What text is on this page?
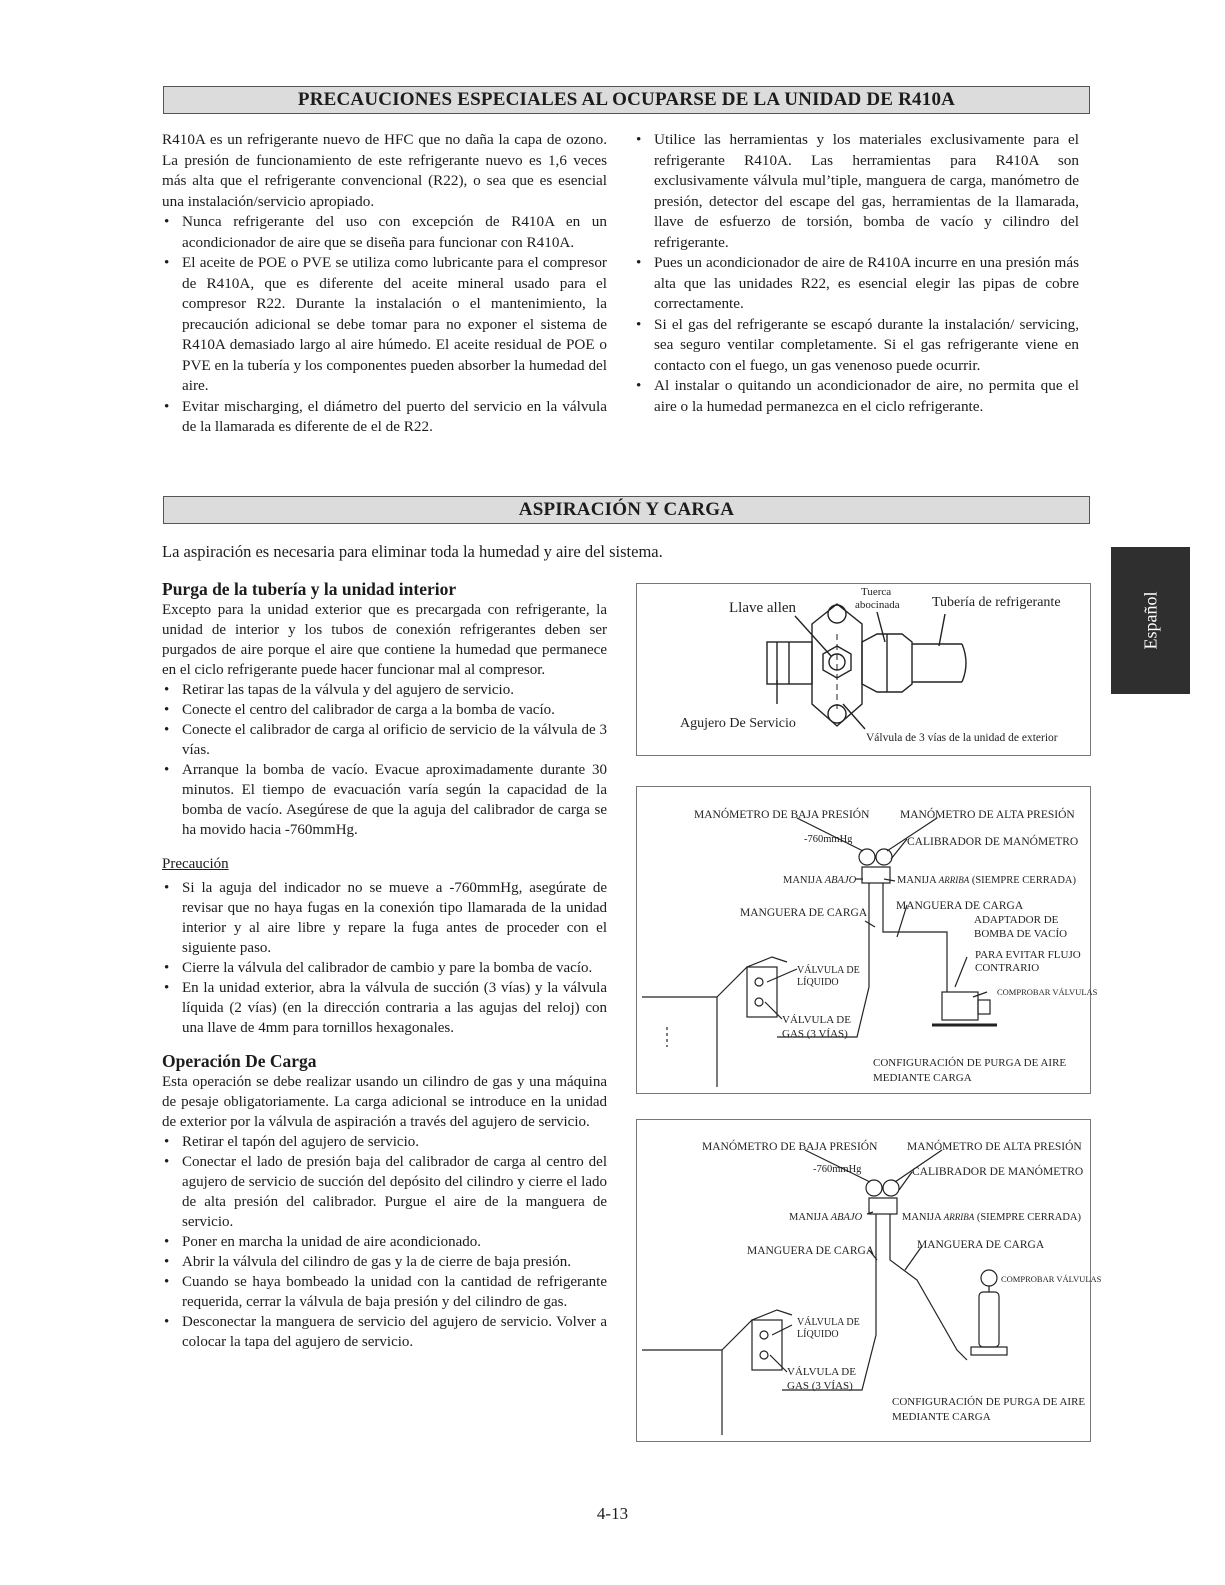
PRECAUCIONES ESPECIALES AL OCUPARSE DE LA UNIDAD DE R410A

R410A es un refrigerante nuevo de HFC que no daña la capa de ozono. La presión de funcionamiento de este refrigerante nuevo es 1,6 veces más alta que el refrigerante convencional (R22), o sea que es esencial una instalación/servicio apropiado.

• Nunca refrigerante del uso con excepción de R410A en un acondicionador de aire que se diseña para funcionar con R410A.
• El aceite de POE o PVE se utiliza como lubricante para el compresor de R410A, que es diferente del aceite mineral usado para el compresor R22. Durante la instalación o el mantenimiento, la precaución adicional se debe tomar para no exponer el sistema de R410A demasiado largo al aire húmedo. El aceite residual de POE o PVE en la tubería y los componentes pueden absorber la humedad del aire.
• Evitar mischarging, el diámetro del puerto del servicio en la válvula de la llamarada es diferente de el de R22.
• Utilice las herramientas y los materiales exclusivamente para el refrigerante R410A. Las herramientas para R410A son exclusivamente válvula mul’tiple, manguera de carga, manómetro de presión, detector del escape del gas, herramientas de la llamarada, llave de esfuerzo de torsión, bomba de vacío y cilindro del refrigerante.
• Pues un acondicionador de aire de R410A incurre en una presión más alta que las unidades R22, es esencial elegir las pipas de cobre correctamente.
• Si el gas del refrigerante se escapó durante la instalación/ servicing, sea seguro ventilar completamente. Si el gas refrigerante viene en contacto con el fuego, un gas venenoso puede ocurrir.
• Al instalar o quitando un acondicionador de aire, no permita que el aire o la humedad permanezca en el ciclo refrigerante.
ASPIRACIÓN Y CARGA
La aspiración es necesaria para eliminar toda la humedad y aire del sistema.

Purga de la tubería y la unidad interior

Excepto para la unidad exterior que es precargada con refrigerante, la unidad de interior y los tubos de conexión refrigerantes deben ser purgados de aire porque el aire que contiene la humedad que permanece en el ciclo refrigerante puede hacer funcionar mal al compresor.

• Retirar las tapas de la válvula y del agujero de servicio.
• Conecte el centro del calibrador de carga a la bomba de vacío.
• Conecte el calibrador de carga al orificio de servicio de la válvula de 3 vías.
• Arranque la bomba de vacío. Evacue aproximadamente durante 30 minutos. El tiempo de evacuación varía según la capacidad de la bomba de vacío. Asegúrese de que la aguja del calibrador de carga se ha movido hacia -760mmHg.

Precaución

• Si la aguja del indicador no se mueve a -760mmHg, asegúrate de revisar que no haya fugas en la conexión tipo llamarada de la unidad interior y al aire libre y repare la fuga antes de proceder con el siguiente paso.
• Cierre la válvula del calibrador de cambio y pare la bomba de vacío.
• En la unidad exterior, abra la válvula de succión (3 vías) y la válvula líquida (2 vías) (en la dirección contraria a las agujas del reloj) con una llave de 4mm para tornillos hexagonales.

Operación De Carga

Esta operación se debe realizar usando un cilindro de gas y una máquina de pesaje obligatoriamente. La carga adicional se introduce en la unidad de exterior por la válvula de aspiración a través del agujero de servicio.

• Retirar el tapón del agujero de servicio.
• Conectar el lado de presión baja del calibrador de carga al centro del agujero de servicio de succión del depósito del cilindro y cierre el lado de alta presión del calibrador. Purgue el aire de la manguera de servicio.
• Poner en marcha la unidad de aire acondicionado.
• Abrir la válvula del cilindro de gas y la de cierre de baja presión.
• Cuando se haya bombeado la unidad con la cantidad de refrigerante requerida, cerrar la válvula de baja presión y del cilindro de gas.
• Desconectar la manguera de servicio del agujero de servicio. Volver a colocar la tapa del agujero de servicio.
Llave allen
Tuerca
abocinada Tubería de refrigerante
Agujero De Servicio
Válvula de 3 vías de la unidad de exterior
MANÓMETRO DE BAJA PRESIÓN	MANÓMETRO DE ALTA PRESIÓN
-760mmHg	CALIBRADOR DE MANÓMETRO
MANIJA ABAJO	MANIJA ARRIBA (SIEMPRE CERRADA)
MANGUERA DE CARGA
MANGUERA DE CARGA
ADAPTADOR DE
BOMBA DE VACÍO
PARA EVITAR FLUJO
CONTRARIO
COMPROBAR VÁLVULAS
VÁLVULA DE
LÍQUIDO
VÁLVULA DE
GAS (3 VÍAS)
CONFIGURACIÓN DE PURGA DE AIRE
MEDIANTE CARGA
MANÓMETRO DE BAJA PRESIÓN	MANÓMETRO DE ALTA PRESIÓN
-760mmHg	CALIBRADOR DE MANÓMETRO
MANIJA ABAJO	MANIJA ARRIBA (SIEMPRE CERRADA)
MANGUERA DE CARGA	MANGUERA DE CARGA
COMPROBAR VÁLVULAS
VÁLVULA DE
LÍQUIDO
VÁLVULA DE
GAS (3 VÍAS)
CONFIGURACIÓN DE PURGA DE AIRE
MEDIANTE CARGA
Español
4-13
